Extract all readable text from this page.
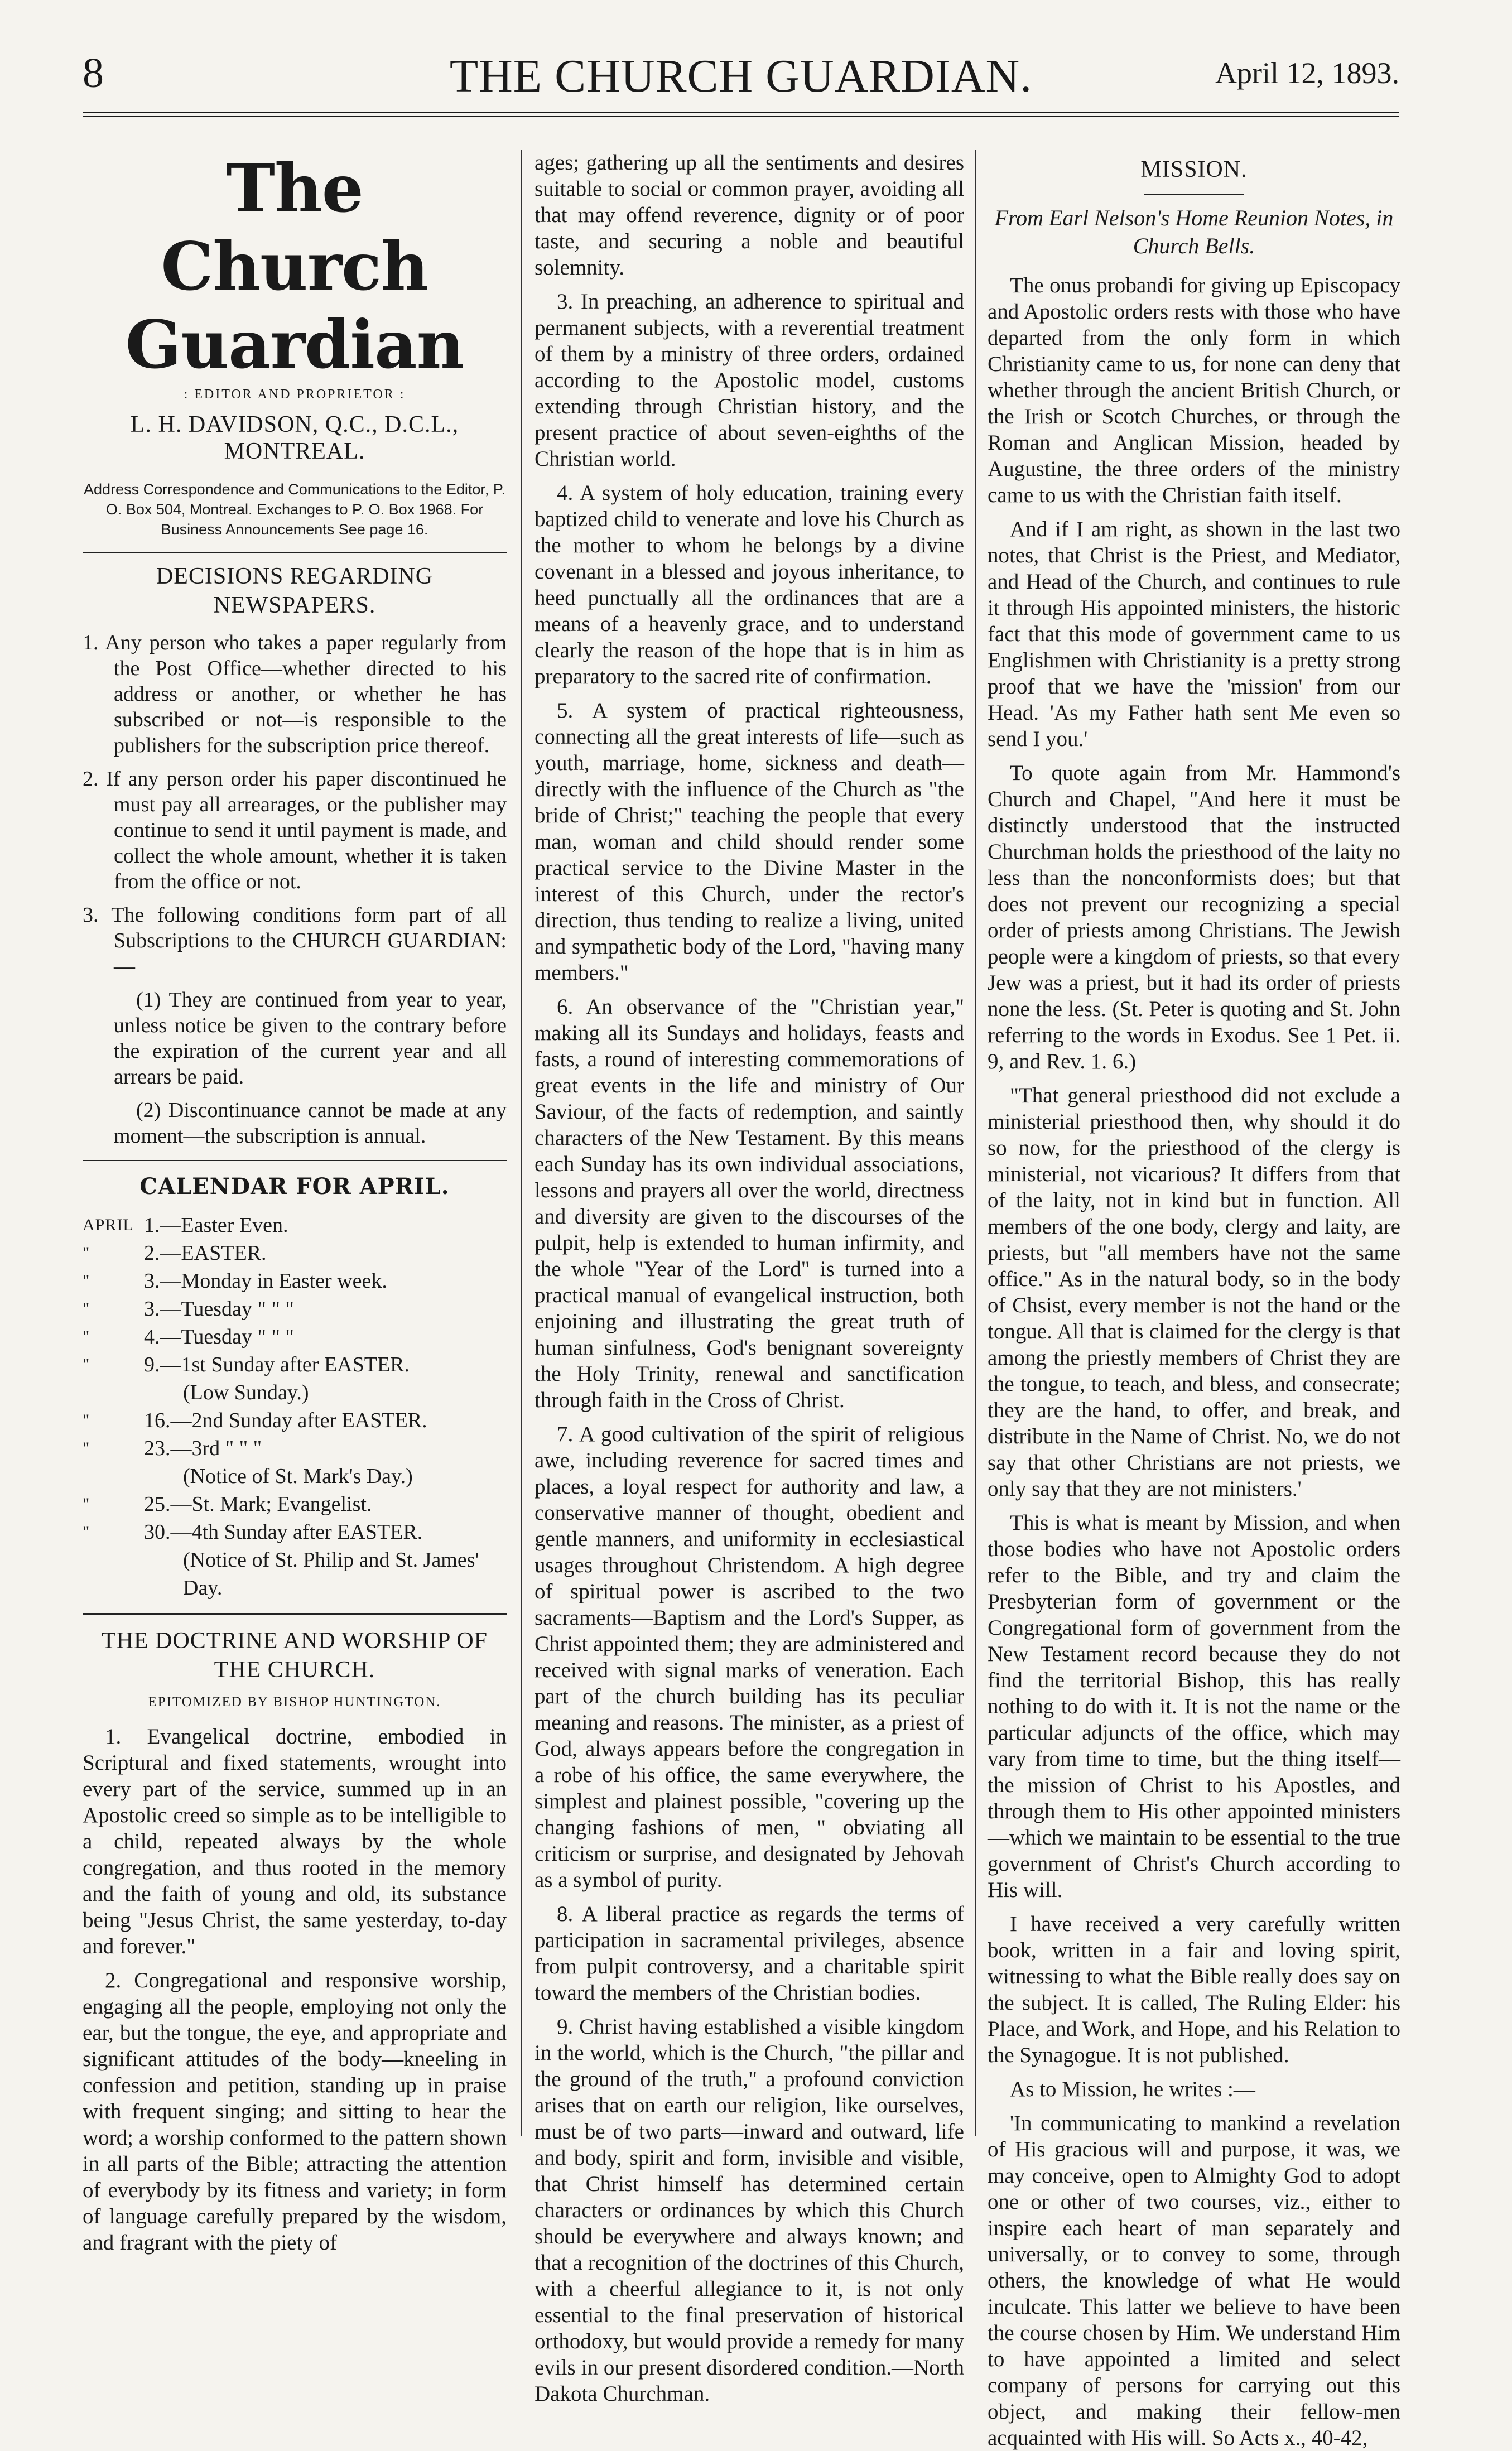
8	THE CHURCH GUARDIAN.	April 12, 1893.
The Church Guardian
: EDITOR AND PROPRIETOR :
L. H. DAVIDSON, Q.C., D.C.L., MONTREAL.
Address Correspondence and Communications to the Editor, P. O. Box 504, Montreal. Exchanges to P. O. Box 1968. For Business Announcements See page 16.
DECISIONS REGARDING NEWSPAPERS.
1. Any person who takes a paper regularly from the Post Office—whether directed to his address or another, or whether he has subscribed or not—is responsible to the publishers for the subscription price thereof.
2. If any person order his paper discontinued he must pay all arrearages, or the publisher may continue to send it until payment is made, and collect the whole amount, whether it is taken from the office or not.
3. The following conditions form part of all Subscriptions to the CHURCH GUARDIAN:—
(1) They are continued from year to year, unless notice be given to the contrary before the expiration of the current year and all arrears be paid.
(2) Discontinuance cannot be made at any moment—the subscription is annual.
CALENDAR FOR APRIL.
APRIL 1.—Easter Even.
"	2.—EASTER.
"	3.—Monday in Easter week.
"	3.—Tuesday " " "
"	4.—Tuesday " " "
"	9.—1st Sunday after EASTER.
(Low Sunday.)
"	16.—2nd Sunday after EASTER.
"	23.—3rd " " "
(Notice of St. Mark's Day.)
"	25.—St. Mark; Evangelist.
"	30.—4th Sunday after EASTER.
(Notice of St. Philip and St. James' Day.
THE DOCTRINE AND WORSHIP OF THE CHURCH.
EPITOMIZED BY BISHOP HUNTINGTON.

1. Evangelical doctrine, embodied in Scriptural and fixed statements, wrought into every part of the service, summed up in an Apostolic creed so simple as to be intelligible to a child, repeated always by the whole congregation, and thus rooted in the memory and the faith of young and old, its substance being "Jesus Christ, the same yesterday, to-day and forever."

2. Congregational and responsive worship, engaging all the people, employing not only the ear, but the tongue, the eye, and appropriate and significant attitudes of the body—kneeling in confession and petition, standing up in praise with frequent singing; and sitting to hear the word; a worship conformed to the pattern shown in all parts of the Bible; attracting the attention of everybody by its fitness and variety; in form of language carefully prepared by the wisdom, and fragrant with the piety of

ages; gathering up all the sentiments and desires suitable to social or common prayer, avoiding all that may offend reverence, dignity or of poor taste, and securing a noble and beautiful solemnity.

3. In preaching, an adherence to spiritual and permanent subjects, with a reverential treatment of them by a ministry of three orders, ordained according to the Apostolic model, customs extending through Christian history, and the present practice of about seven-eighths of the Christian world.

4. A system of holy education, training every baptized child to venerate and love his Church as the mother to whom he belongs by a divine covenant in a blessed and joyous inheritance, to heed punctually all the ordinances that are a means of a heavenly grace, and to understand clearly the reason of the hope that is in him as preparatory to the sacred rite of confirmation.

5. A system of practical righteousness, connecting all the great interests of life—such as youth, marriage, home, sickness and death—directly with the influence of the Church as "the bride of Christ;" teaching the people that every man, woman and child should render some practical service to the Divine Master in the interest of this Church, under the rector's direction, thus tending to realize a living, united and sympathetic body of the Lord, "having many members."

6. An observance of the "Christian year," making all its Sundays and holidays, feasts and fasts, a round of interesting commemorations of great events in the life and ministry of Our Saviour, of the facts of redemption, and saintly characters of the New Testament. By this means each Sunday has its own individual associations, lessons and prayers all over the world, directness and diversity are given to the discourses of the pulpit, help is extended to human infirmity, and the whole "Year of the Lord" is turned into a practical manual of evangelical instruction, both enjoining and illustrating the great truth of human sinfulness, God's benignant sovereignty the Holy Trinity, renewal and sanctification through faith in the Cross of Christ.

7. A good cultivation of the spirit of religious awe, including reverence for sacred times and places, a loyal respect for authority and law, a conservative manner of thought, obedient and gentle manners, and uniformity in ecclesiastical usages throughout Christendom. A high degree of spiritual power is ascribed to the two sacraments—Baptism and the Lord's Supper, as Christ appointed them; they are administered and received with signal marks of veneration. Each part of the church building has its peculiar meaning and reasons. The minister, as a priest of God, always appears before the congregation in a robe of his office, the same everywhere, the simplest and plainest possible, "covering up the changing fashions of men, " obviating all criticism or surprise, and designated by Jehovah as a symbol of purity.

8. A liberal practice as regards the terms of participation in sacramental privileges, absence from pulpit controversy, and a charitable spirit toward the members of the Christian bodies.

9. Christ having established a visible kingdom in the world, which is the Church, "the pillar and the ground of the truth," a profound conviction arises that on earth our religion, like ourselves, must be of two parts—inward and outward, life and body, spirit and form, invisible and visible, that Christ himself has determined certain characters or ordinances by which this Church should be everywhere and always known; and that a recognition of the doctrines of this Church, with a cheerful allegiance to it, is not only essential to the final preservation of historical orthodoxy, but would provide a remedy for many evils in our present disordered condition.—North Dakota Churchman.

MISSION.
From Earl Nelson's Home Reunion Notes, in Church Bells.

The onus probandi for giving up Episcopacy and Apostolic orders rests with those who have departed from the only form in which Christianity came to us, for none can deny that whether through the ancient British Church, or the Irish or Scotch Churches, or through the Roman and Anglican Mission, headed by Augustine, the three orders of the ministry came to us with the Christian faith itself.

And if I am right, as shown in the last two notes, that Christ is the Priest, and Mediator, and Head of the Church, and continues to rule it through His appointed ministers, the historic fact that this mode of government came to us Englishmen with Christianity is a pretty strong proof that we have the 'mission' from our Head. 'As my Father hath sent Me even so send I you.'

To quote again from Mr. Hammond's Church and Chapel, "And here it must be distinctly understood that the instructed Churchman holds the priesthood of the laity no less than the nonconformists does; but that does not prevent our recognizing a special order of priests among Christians. The Jewish people were a kingdom of priests, so that every Jew was a priest, but it had its order of priests none the less. (St. Peter is quoting and St. John referring to the words in Exodus. See 1 Pet. ii. 9, and Rev. 1. 6.)

"That general priesthood did not exclude a ministerial priesthood then, why should it do so now, for the priesthood of the clergy is ministerial, not vicarious? It differs from that of the laity, not in kind but in function. All members of the one body, clergy and laity, are priests, but "all members have not the same office." As in the natural body, so in the body of Chsist, every member is not the hand or the tongue. All that is claimed for the clergy is that among the priestly members of Christ they are the tongue, to teach, and bless, and consecrate; they are the hand, to offer, and break, and distribute in the Name of Christ. No, we do not say that other Christians are not priests, we only say that they are not ministers.'

This is what is meant by Mission, and when those bodies who have not Apostolic orders refer to the Bible, and try and claim the Presbyterian form of government or the Congregational form of government from the New Testament record because they do not find the territorial Bishop, this has really nothing to do with it. It is not the name or the particular adjuncts of the office, which may vary from time to time, but the thing itself—the mission of Christ to his Apostles, and through them to His other appointed ministers—which we maintain to be essential to the true government of Christ's Church according to His will.

I have received a very carefully written book, written in a fair and loving spirit, witnessing to what the Bible really does say on the subject. It is called, The Ruling Elder: his Place, and Work, and Hope, and his Relation to the Synagogue. It is not published.

As to Mission, he writes :—

'In communicating to mankind a revelation of His gracious will and purpose, it was, we may conceive, open to Almighty God to adopt one or other of two courses, viz., either to inspire each heart of man separately and universally, or to convey to some, through others, the knowledge of what He would inculcate. This latter we believe to have been the course chosen by Him. We understand Him to have appointed a limited and select company of persons for carrying out this object, and making their fellow-men acquainted with His will. So Acts x., 40-42,
